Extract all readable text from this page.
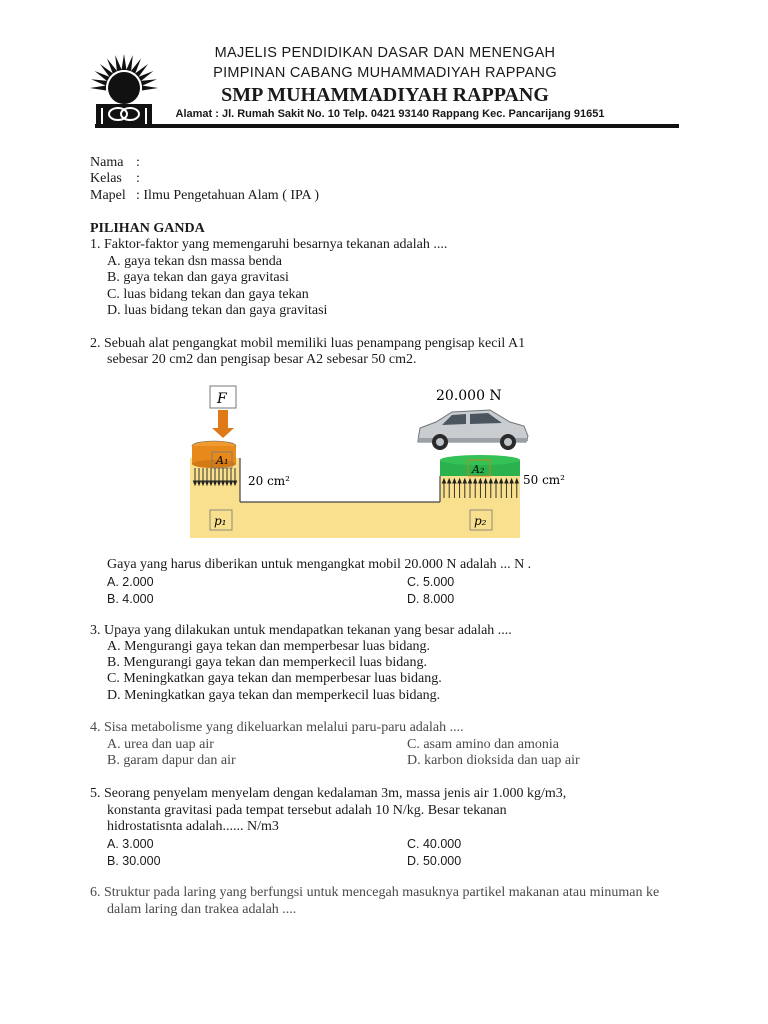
MAJELIS PENDIDIKAN DASAR DAN MENENGAH
PIMPINAN CABANG MUHAMMADIYAH RAPPANG
SMP MUHAMMADIYAH RAPPANG
Alamat : Jl. Rumah Sakit No. 10 Telp. 0421 93140 Rappang Kec. Pancarijang 91651
Nama :
Kelas :
Mapel : Ilmu Pengetahuan Alam ( IPA )
PILIHAN GANDA
1. Faktor-faktor yang memengaruhi besarnya tekanan adalah ....
A. gaya tekan dsn massa benda
B. gaya tekan dan gaya gravitasi
C. luas bidang tekan dan gaya tekan
D. luas bidang tekan dan gaya gravitasi
2. Sebuah alat pengangkat mobil memiliki luas penampang pengisap kecil A1
sebesar 20 cm2 dan pengisap besar A2 sebesar 50 cm2.
F
A₁
20 cm²
A₂
50 cm²
p₁	p₂
20.000 N
Gaya yang harus diberikan untuk mengangkat mobil 20.000 N adalah ... N .
A. 2.000
B. 4.000
C. 5.000
D. 8.000
3. Upaya yang dilakukan untuk mendapatkan tekanan yang besar adalah ....
A. Mengurangi gaya tekan dan memperbesar luas bidang.
B. Mengurangi gaya tekan dan memperkecil luas bidang.
C. Meningkatkan gaya tekan dan memperbesar luas bidang.
D. Meningkatkan gaya tekan dan memperkecil luas bidang.
4. Sisa metabolisme yang dikeluarkan melalui paru-paru adalah ....
A. urea dan uap air
B. garam dapur dan air
C. asam amino dan amonia
D. karbon dioksida dan uap air
5. Seorang penyelam menyelam dengan kedalaman 3m, massa jenis air 1.000 kg/m3,
konstanta gravitasi pada tempat tersebut adalah 10 N/kg. Besar tekanan
hidrostatisnta adalah...... N/m3
A. 3.000
B. 30.000
C. 40.000
D. 50.000
6. Struktur pada laring yang berfungsi untuk mencegah masuknya partikel makanan atau minuman ke
dalam laring dan trakea adalah ....
